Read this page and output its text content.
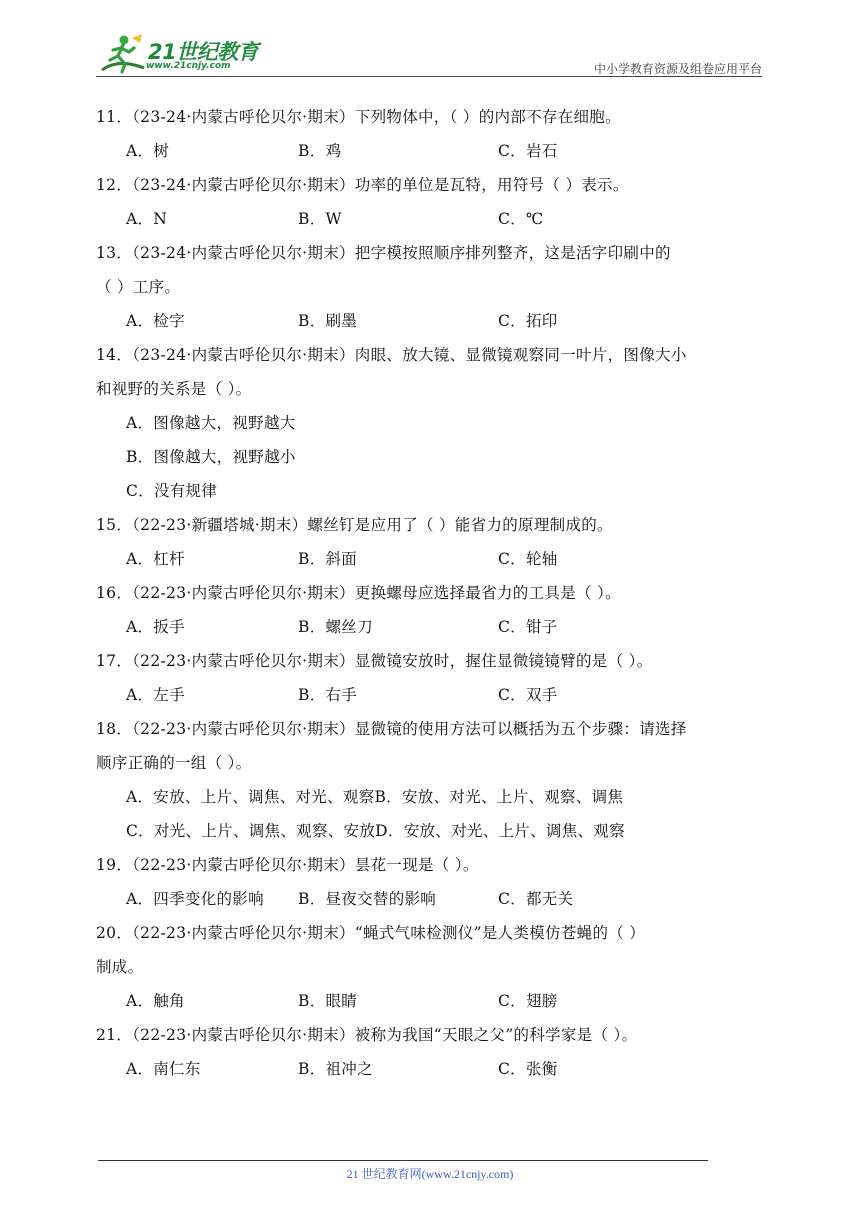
21世纪教育
www.21cnjy.com	中小学教育资源及组卷应用平台
11．（23-24·内蒙古呼伦贝尔·期末）下列物体中，（ ）的内部不存在细胞。
A．树	B．鸡	C．岩石
12．（23-24·内蒙古呼伦贝尔·期末）功率的单位是瓦特，用符号（ ）表示。
A．N	B．W	C．℃
13．（23-24·内蒙古呼伦贝尔·期末）把字模按照顺序排列整齐，这是活字印刷中的
（ ）工序。
A．检字	B．刷墨	C．拓印
14．（23-24·内蒙古呼伦贝尔·期末）肉眼、放大镜、显微镜观察同一叶片，图像大小
和视野的关系是（ ）。
A．图像越大，视野越大
B．图像越大，视野越小
C．没有规律
15．（22-23·新疆塔城·期末）螺丝钉是应用了（ ）能省力的原理制成的。
A．杠杆	B．斜面	C．轮轴
16．（22-23·内蒙古呼伦贝尔·期末）更换螺母应选择最省力的工具是（ ）。
A．扳手	B．螺丝刀	C．钳子
17．（22-23·内蒙古呼伦贝尔·期末）显微镜安放时，握住显微镜镜臂的是（ ）。
A．左手	B．右手	C．双手
18．（22-23·内蒙古呼伦贝尔·期末）显微镜的使用方法可以概括为五个步骤：请选择
顺序正确的一组（ ）。
A．安放、上片、调焦、对光、观察B．安放、对光、上片、观察、调焦
C．对光、上片、调焦、观察、安放D．安放、对光、上片、调焦、观察
19．（22-23·内蒙古呼伦贝尔·期末）昙花一现是（ ）。
A．四季变化的影响 B．昼夜交替的影响	C．都无关
20．（22-23·内蒙古呼伦贝尔·期末）“蝇式气味检测仪”是人类模仿苍蝇的（ ）
制成。
A．触角	B．眼睛	C．翅膀
21．（22-23·内蒙古呼伦贝尔·期末）被称为我国“天眼之父”的科学家是（ ）。
A．南仁东	B．祖冲之	C．张衡
21 世纪教育网(www.21cnjy.com)
